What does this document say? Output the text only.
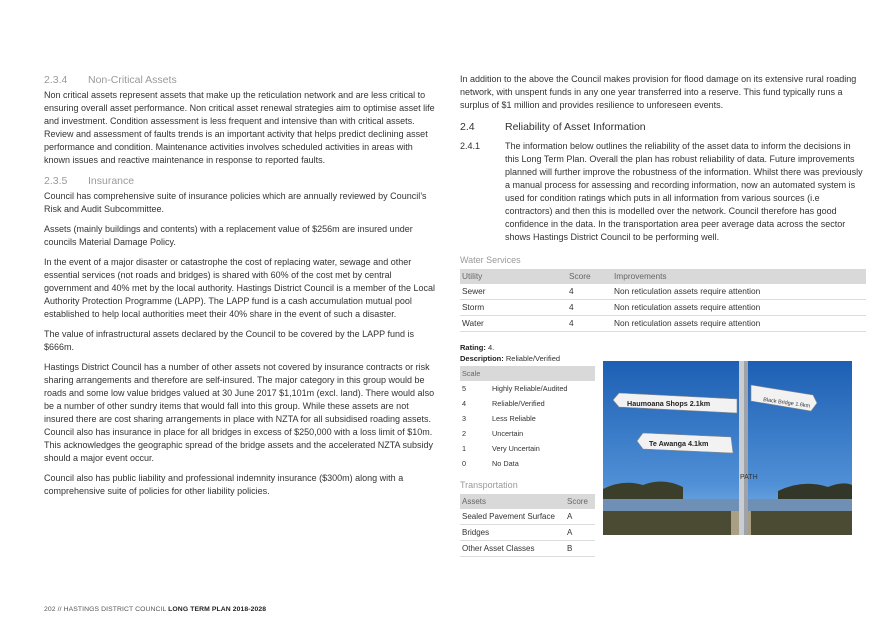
2.3.4 Non-Critical Assets

Non critical assets represent assets that make up the reticulation network and are less critical to ensuring overall asset performance. Non critical asset renewal strategies aim to optimise asset life and investment. Condition assessment is less frequent and intensive than with critical assets. Review and assessment of faults trends is an important activity that helps predict declining asset performance and condition. Maintenance activities involves scheduled activities in areas with known issues and reactive maintenance in response to reported faults.

2.3.5 Insurance

Council has comprehensive suite of insurance policies which are annually reviewed by Council’s Risk and Audit Subcommittee.

Assets (mainly buildings and contents) with a replacement value of $256m are insured under councils Material Damage Policy.

In the event of a major disaster or catastrophe the cost of replacing water, sewage and other essential services (not roads and bridges) is shared with 60% of the cost met by central government and 40% met by the local authority. Hastings District Council is a member of the Local Authority Protection Programme (LAPP). The LAPP fund is a cash accumulation mutual pool established to help local authorities meet their 40% share in the event of such a disaster.

The value of infrastructural assets declared by the Council to be covered by the LAPP fund is $666m.

Hastings District Council has a number of other assets not covered by insurance contracts or risk sharing arrangements and therefore are self-insured. The major category in this group would be roads and some low value bridges valued at 30 June 2017 $1,101m (excl. land). There would also be a number of other sundry items that would fall into this group. While these assets are not insured there are cost sharing arrangements in place with NZTA for all subsidised roading assets. Council also has insurance in place for all bridges in excess of $250,000 with a loss limit of $10m. This acknowledges the geographic spread of the bridge assets and the accelerated NZTA subsidy should a major event occur.

Council also has public liability and professional indemnity insurance ($300m) along with a comprehensive suite of policies for other liability policies.

In addition to the above the Council makes provision for flood damage on its extensive rural roading network, with unspent funds in any one year transferred into a reserve. This fund typically runs a surplus of $1 million and provides resilience to unforeseen events.

2.4	Reliability of Asset Information
2.4.1	The information below outlines the reliability of the asset data to inform the decisions in this Long Term Plan. Overall the plan has robust reliability of data. Future improvements planned will further improve the robustness of the information. Whilst there was previously a manual process for assessing and recording information, now an automated system is used for condition ratings which puts in all information from various sources (i.e contractors) and then this is modelled over the network. Council therefore has good confidence in the data. In the transportation area peer average data across the sector shows Hastings District Council to be performing well.
Water Services
Utility	Score	Improvements
Sewer	4	Non reticulation assets require attention
Storm	4	Non reticulation assets require attention
Water	4	Non reticulation assets require attention
Rating: 4.
Description: Reliable/Verified
Scale	
5	Highly Reliable/Audited
4	Reliable/Verified
3	Less Reliable
2	Uncertain
1	Very Uncertain
0	No Data
Transportation
Assets	Score
Sealed Pavement Surface	A
Bridges	A
Other Asset Classes	B
PATH
Haumoana Shops 2.1km	Black Bridge 1.6km
Te Awanga 4.1km
202 // HASTINGS DISTRICT COUNCIL LONG TERM PLAN 2018-2028
